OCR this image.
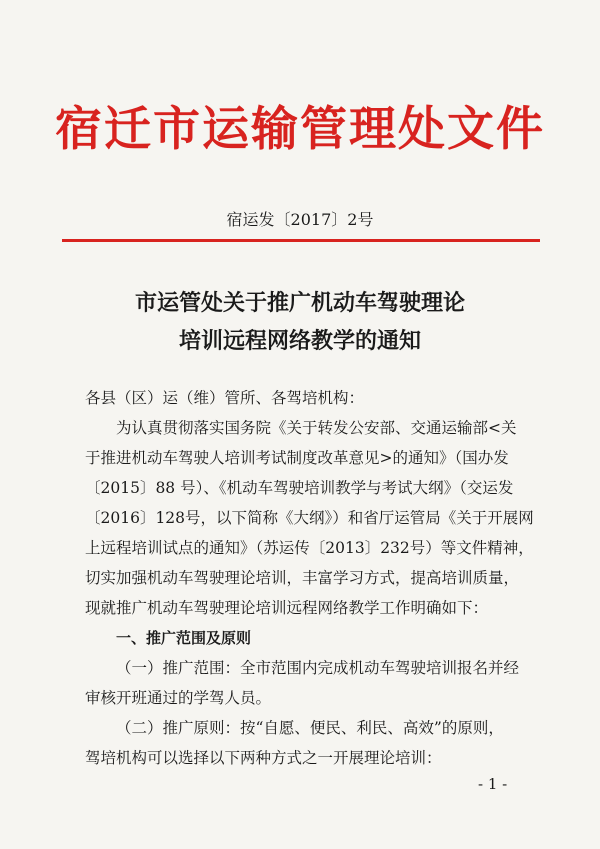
宿迁市运输管理处文件
宿运发〔2017〕2号
市运管处关于推广机动车驾驶理论
培训远程网络教学的通知
各县（区）运（维）管所、各驾培机构：
为认真贯彻落实国务院《关于转发公安部、交通运输部<关
于推进机动车驾驶人培训考试制度改革意见>的通知》（国办发
〔2015〕88 号）、《机动车驾驶培训教学与考试大纲》（交运发
〔2016〕128号，以下简称《大纲》）和省厅运管局《关于开展网
上远程培训试点的通知》（苏运传〔2013〕232号）等文件精神，
切实加强机动车驾驶理论培训，丰富学习方式，提高培训质量，
现就推广机动车驾驶理论培训远程网络教学工作明确如下：
一、推广范围及原则
（一）推广范围：全市范围内完成机动车驾驶培训报名并经
审核开班通过的学驾人员。
（二）推广原则：按“自愿、便民、利民、高效”的原则，
驾培机构可以选择以下两种方式之一开展理论培训：
- 1 -
